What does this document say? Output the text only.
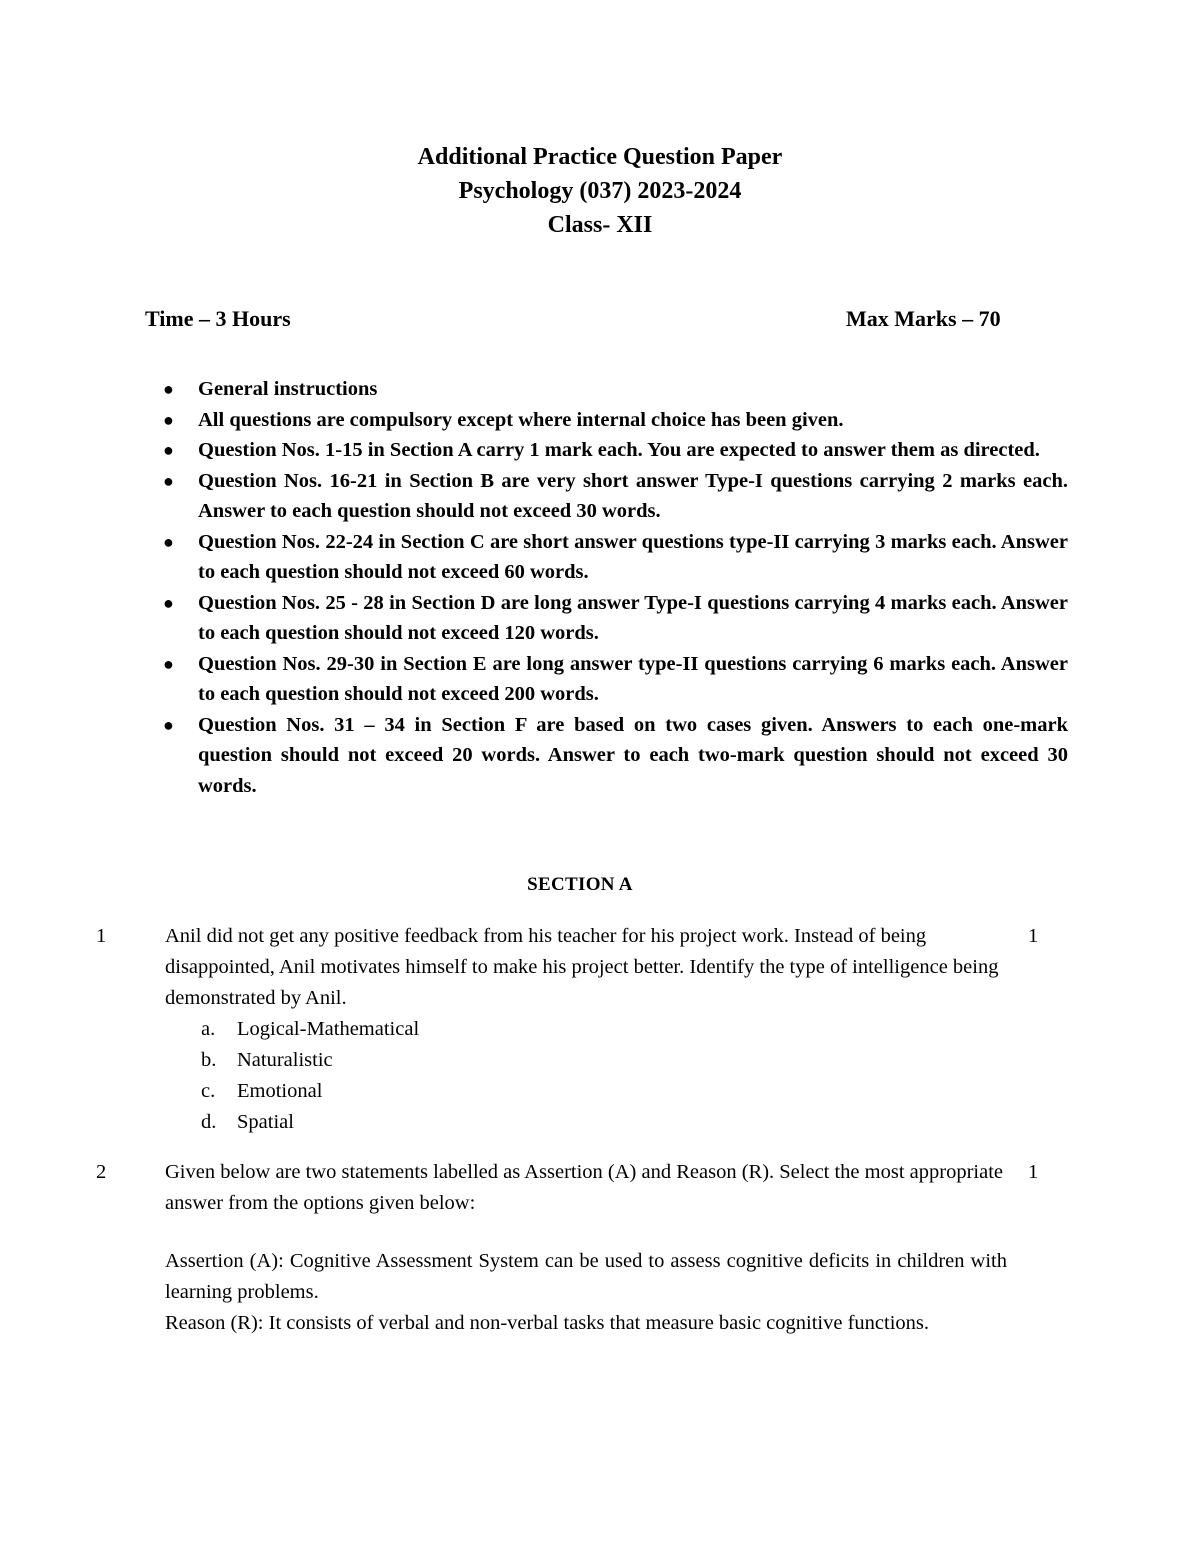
Additional Practice Question Paper
Psychology (037) 2023-2024
Class- XII
Time – 3 Hours	Max Marks – 70
●	General instructions
●	All questions are compulsory except where internal choice has been given.
●	Question Nos. 1-15 in Section A carry 1 mark each. You are expected to answer them as directed.
●	Question Nos. 16-21 in Section B are very short answer Type-I questions carrying 2 marks each. Answer to each question should not exceed 30 words.
●	Question Nos. 22-24 in Section C are short answer questions type-II carrying 3 marks each. Answer to each question should not exceed 60 words.
●	Question Nos. 25 - 28 in Section D are long answer Type-I questions carrying 4 marks each. Answer to each question should not exceed 120 words.
●	Question Nos. 29-30 in Section E are long answer type-II questions carrying 6 marks each. Answer to each question should not exceed 200 words.
●	Question Nos. 31 – 34 in Section F are based on two cases given. Answers to each one-mark question should not exceed 20 words. Answer to each two-mark question should not exceed 30 words.
SECTION A
1	Anil did not get any positive feedback from his teacher for his project work. Instead of being disappointed, Anil motivates himself to make his project better. Identify the type of intelligence being demonstrated by Anil.

a. Logical-Mathematical
b. Naturalistic
c. Emotional
d. Spatial
1
2	Given below are two statements labelled as Assertion (A) and Reason (R). Select the most appropriate answer from the options given below:

Assertion (A): Cognitive Assessment System can be used to assess cognitive deficits in children with learning problems.

Reason (R): It consists of verbal and non-verbal tasks that measure basic cognitive functions.

1
